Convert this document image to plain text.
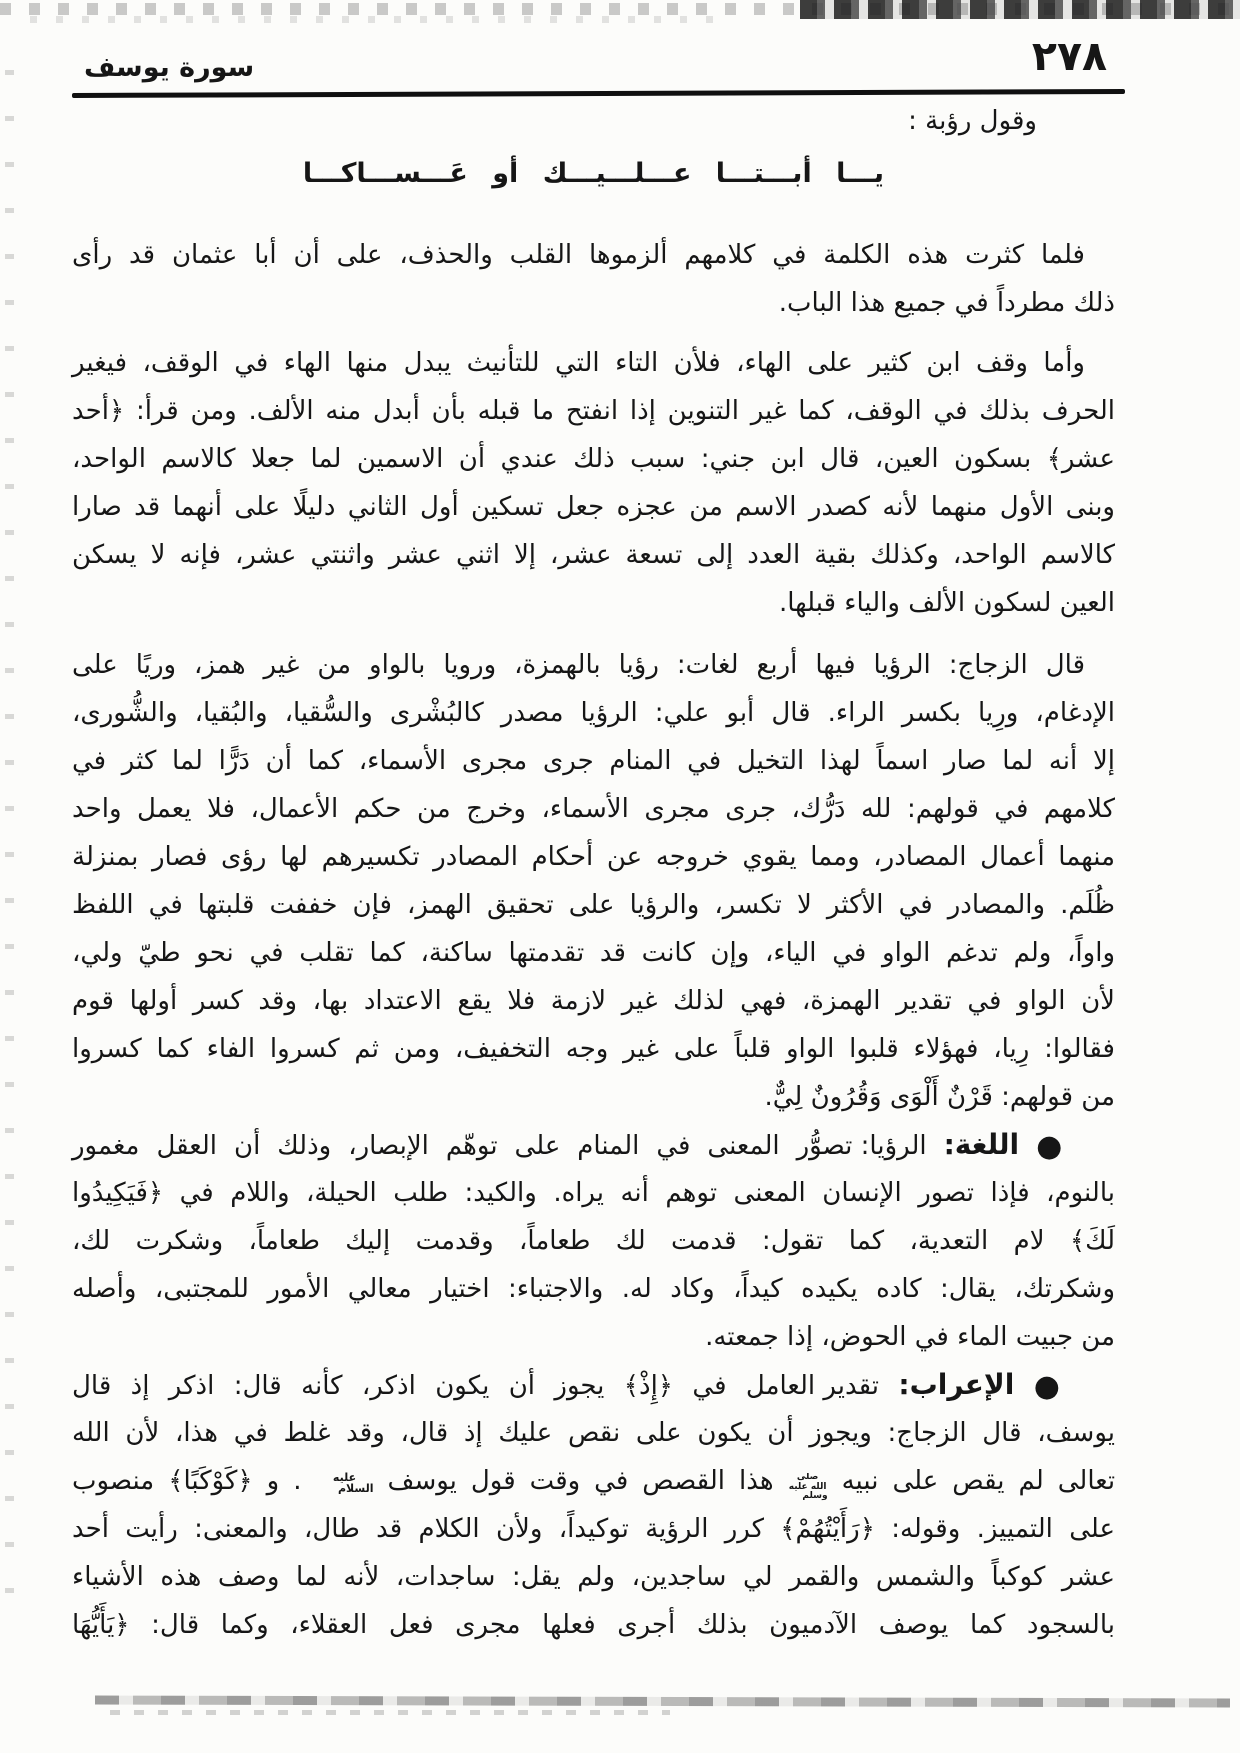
٢٧٨
سورة يوسف
وقول رؤبة :
يـــا أبـــتـــا عـــلـــيـــك أو عَـــســـاكـــا
فلما كثرت هذه الكلمة في كلامهم ألزموها القلب والحذف، على أن أبا عثمان قد رأى
ذلك مطرداً في جميع هذا الباب.
وأما وقف ابن كثير على الهاء، فلأن التاء التي للتأنيث يبدل منها الهاء في الوقف، فيغير
الحرف بذلك في الوقف، كما غير التنوين إذا انفتح ما قبله بأن أبدل منه الألف. ومن قرأ: ﴿أحد
عشر﴾ بسكون العين، قال ابن جني: سبب ذلك عندي أن الاسمين لما جعلا كالاسم الواحد،
وبنى الأول منهما لأنه كصدر الاسم من عجزه جعل تسكين أول الثاني دليلًا على أنهما قد صارا
كالاسم الواحد، وكذلك بقية العدد إلى تسعة عشر، إلا اثني عشر واثنتي عشر، فإنه لا يسكن
العين لسكون الألف والياء قبلها.
قال الزجاج: الرؤيا فيها أربع لغات: رؤيا بالهمزة، ورويا بالواو من غير همز، وريًا على
الإدغام، ورِيا بكسر الراء. قال أبو علي: الرؤيا مصدر كالبُشْرى والسُّقيا، والبُقيا، والشُّورى،
إلا أنه لما صار اسماً لهذا التخيل في المنام جرى مجرى الأسماء، كما أن دَرًّا لما كثر في
كلامهم في قولهم: لله دَرُّك، جرى مجرى الأسماء، وخرج من حكم الأعمال، فلا يعمل واحد
منهما أعمال المصادر، ومما يقوي خروجه عن أحكام المصادر تكسيرهم لها رؤى فصار بمنزلة
ظُلَم. والمصادر في الأكثر لا تكسر، والرؤيا على تحقيق الهمز، فإن خففت قلبتها في اللفظ
واواً، ولم تدغم الواو في الياء، وإن كانت قد تقدمتها ساكنة، كما تقلب في نحو طيّ ولي،
لأن الواو في تقدير الهمزة، فهي لذلك غير لازمة فلا يقع الاعتداد بها، وقد كسر أولها قوم
فقالوا: رِيا، فهؤلاء قلبوا الواو قلباً على غير وجه التخفيف، ومن ثم كسروا الفاء كما كسروا
من قولهم: قَرْنٌ أَلْوَى وَقُرُونٌ لِيٌّ.
● اللغة: الرؤيا: تصوُّر المعنى في المنام على توهّم الإبصار، وذلك أن العقل مغمور
بالنوم، فإذا تصور الإنسان المعنى توهم أنه يراه. والكيد: طلب الحيلة، واللام في ﴿فَيَكِيدُوا
لَكَ﴾ لام التعدية، كما تقول: قدمت لك طعاماً، وقدمت إليك طعاماً، وشكرت لك،
وشكرتك، يقال: كاده يكيده كيداً، وكاد له. والاجتباء: اختيار معالي الأمور للمجتبى، وأصله
من جبيت الماء في الحوض، إذا جمعته.
● الإعراب: تقدير العامل في ﴿إِذْ﴾ يجوز أن يكون اذكر، كأنه قال: اذكر إذ قال
يوسف، قال الزجاج: ويجوز أن يكون على نقص عليك إذ قال، وقد غلط في هذا، لأن الله
تعالى لم يقص على نبيه صلى الله عليه وسلم هذا القصص في وقت قول يوسف عليه السلام . و ﴿كَوْكَبًا﴾ منصوب
على التمييز. وقوله: ﴿رَأَيْتُهُمْ﴾ كرر الرؤية توكيداً، ولأن الكلام قد طال، والمعنى: رأيت أحد
عشر كوكباً والشمس والقمر لي ساجدين، ولم يقل: ساجدات، لأنه لما وصف هذه الأشياء
بالسجود كما يوصف الآدميون بذلك أجرى فعلها مجرى فعل العقلاء، وكما قال: ﴿يَأَيُّهَا
